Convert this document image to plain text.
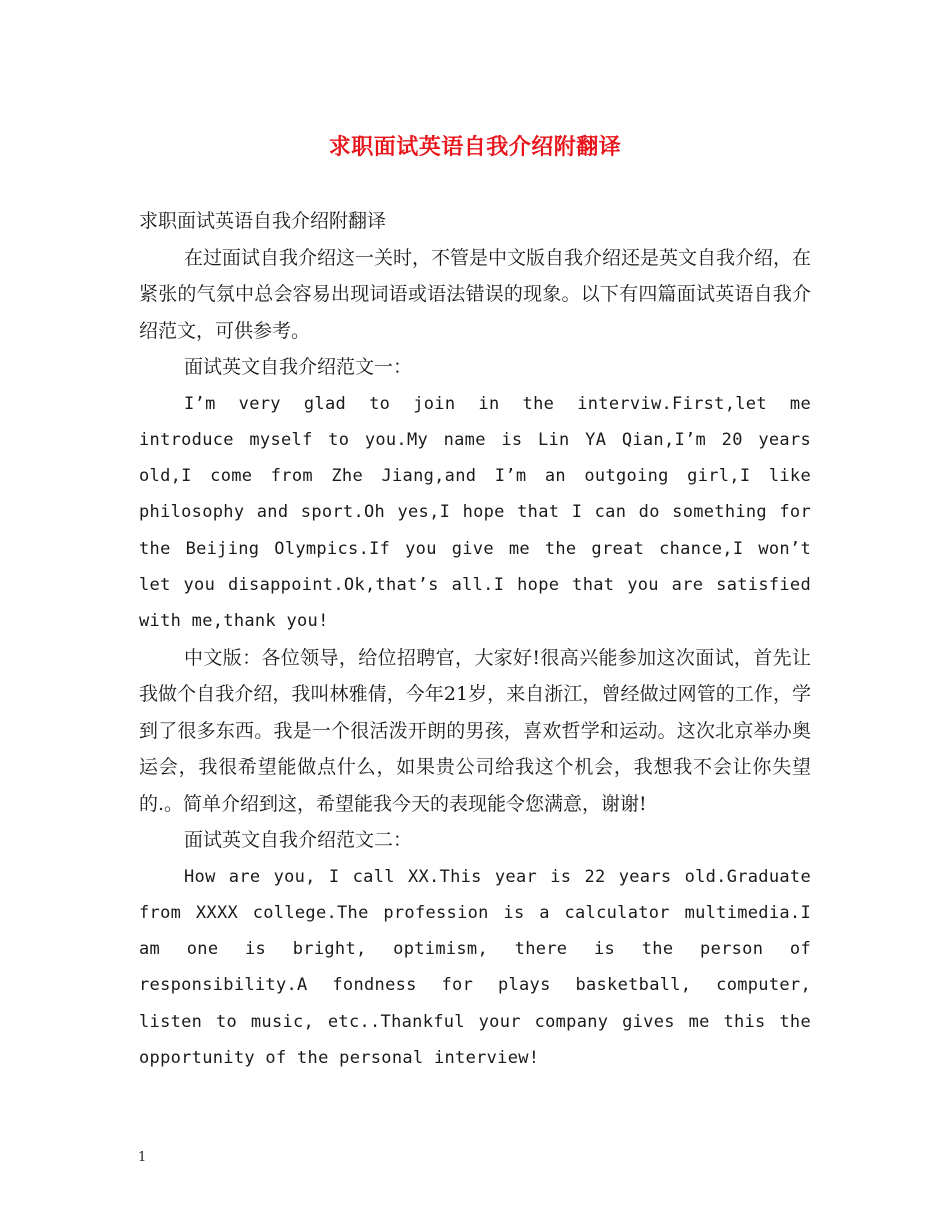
求职面试英语自我介绍附翻译

求职面试英语自我介绍附翻译

在过面试自我介绍这一关时，不管是中文版自我介绍还是英文自我介绍，在紧张的气氛中总会容易出现词语或语法错误的现象。以下有四篇面试英语自我介绍范文，可供参考。

面试英文自我介绍范文一：

I’m very glad to join in the interviw.First,let me introduce myself to you.My name is Lin YA Qian,I’m 20 years old,I come from Zhe Jiang,and I’m an outgoing girl,I like philosophy and sport.Oh yes,I hope that I can do something for the Beijing Olympics.If you give me the great chance,I won’t let you disappoint.Ok,that’s all.I hope that you are satisfied with me,thank you!

中文版：各位领导，给位招聘官，大家好!很高兴能参加这次面试，首先让我做个自我介绍，我叫林雅倩，今年21岁，来自浙江，曾经做过网管的工作，学到了很多东西。我是一个很活泼开朗的男孩，喜欢哲学和运动。这次北京举办奥运会，我很希望能做点什么，如果贵公司给我这个机会，我想我不会让你失望的.。简单介绍到这，希望能我今天的表现能令您满意，谢谢!

面试英文自我介绍范文二：

How are you, I call XX.This year is 22 years old.Graduate from XXXX college.The profession is a calculator multimedia.I am one is bright, optimism, there is the person of responsibility.A fondness for plays basketball, computer, listen to music, etc..Thankful your company gives me this the opportunity of the personal interview!

1
